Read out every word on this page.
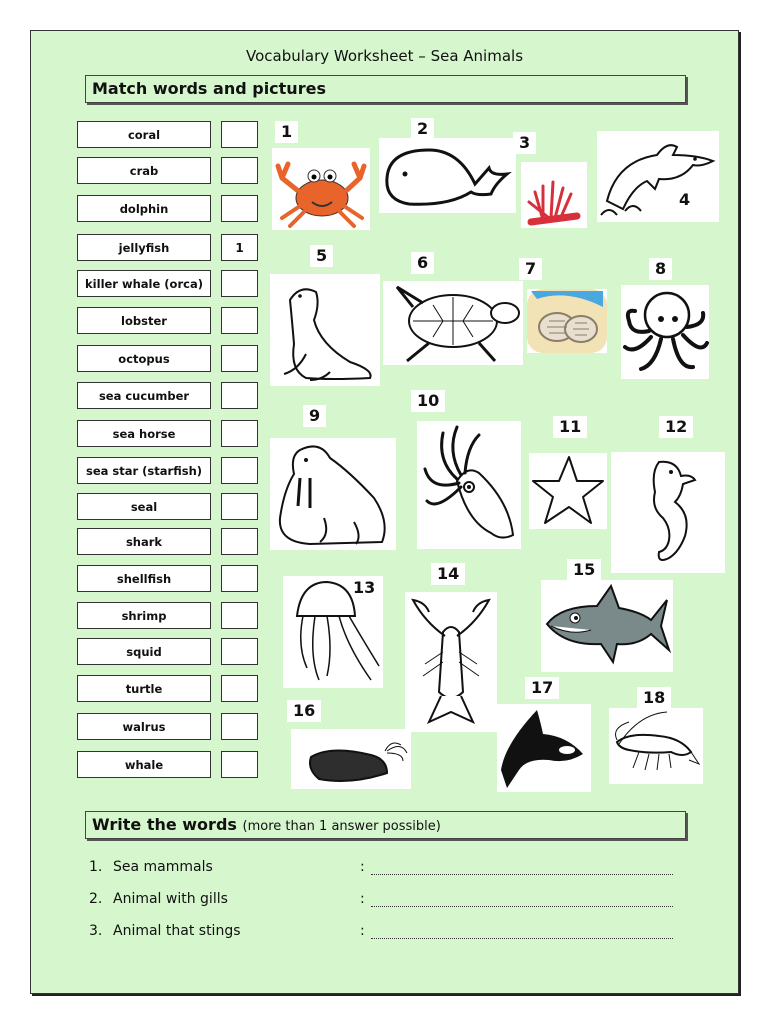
Vocabulary Worksheet – Sea Animals
Match words and pictures
coral
crab
dolphin
jellyfish	1
killer whale (orca)
lobster
octopus
sea cucumber
sea horse
sea star (starfish)
seal
shark
shellfish
shrimp
squid
turtle
walrus
whale
1	2
3
4
5	6	7	8
9
10
11	12
13
14	15
16
17
18
Write the words (more than 1 answer possible)
1. Sea mammals	:
2. Animal with gills	:
3. Animal that stings	:
